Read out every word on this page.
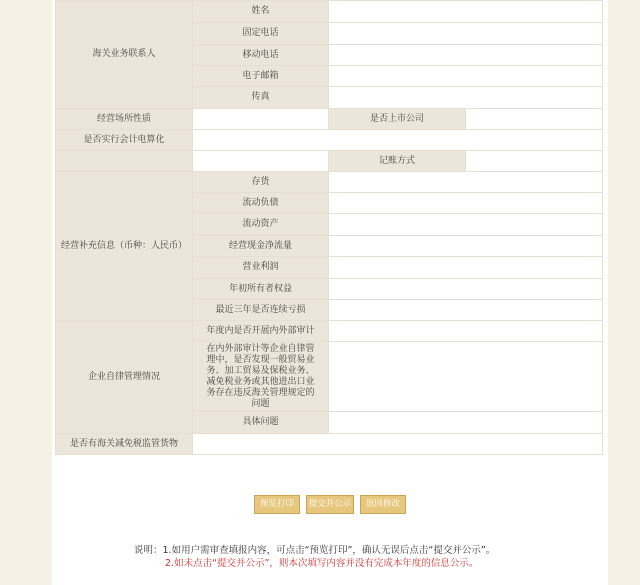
海关业务联系人	姓名		
	固定电话		
	移动电话		
	电子邮箱		
	传真		
经营场所性质		是否上市公司	
是否实行会计电算化			
		记账方式	
经营补充信息（币种：人民币）	存货		
	流动负债		
	流动资产		
	经营现金净流量		
	营业利润		
	年初所有者权益		
	最近三年是否连续亏损		
企业自律管理情况	年度内是否开展内外部审计		
	在内外部审计等企业自律管理中，是否发现一般贸易业务、加工贸易及保税业务、减免税业务或其他进出口业务存在违反海关管理规定的问题		
	具体问题		
是否有海关减免税监管货物			
预览打印	提交并公示	返回修改
说明：1.如用户需审查填报内容，可点击“预览打印”，确认无误后点击“提交并公示”。
2.如未点击“提交并公示”，则本次填写内容并没有完成本年度的信息公示。
